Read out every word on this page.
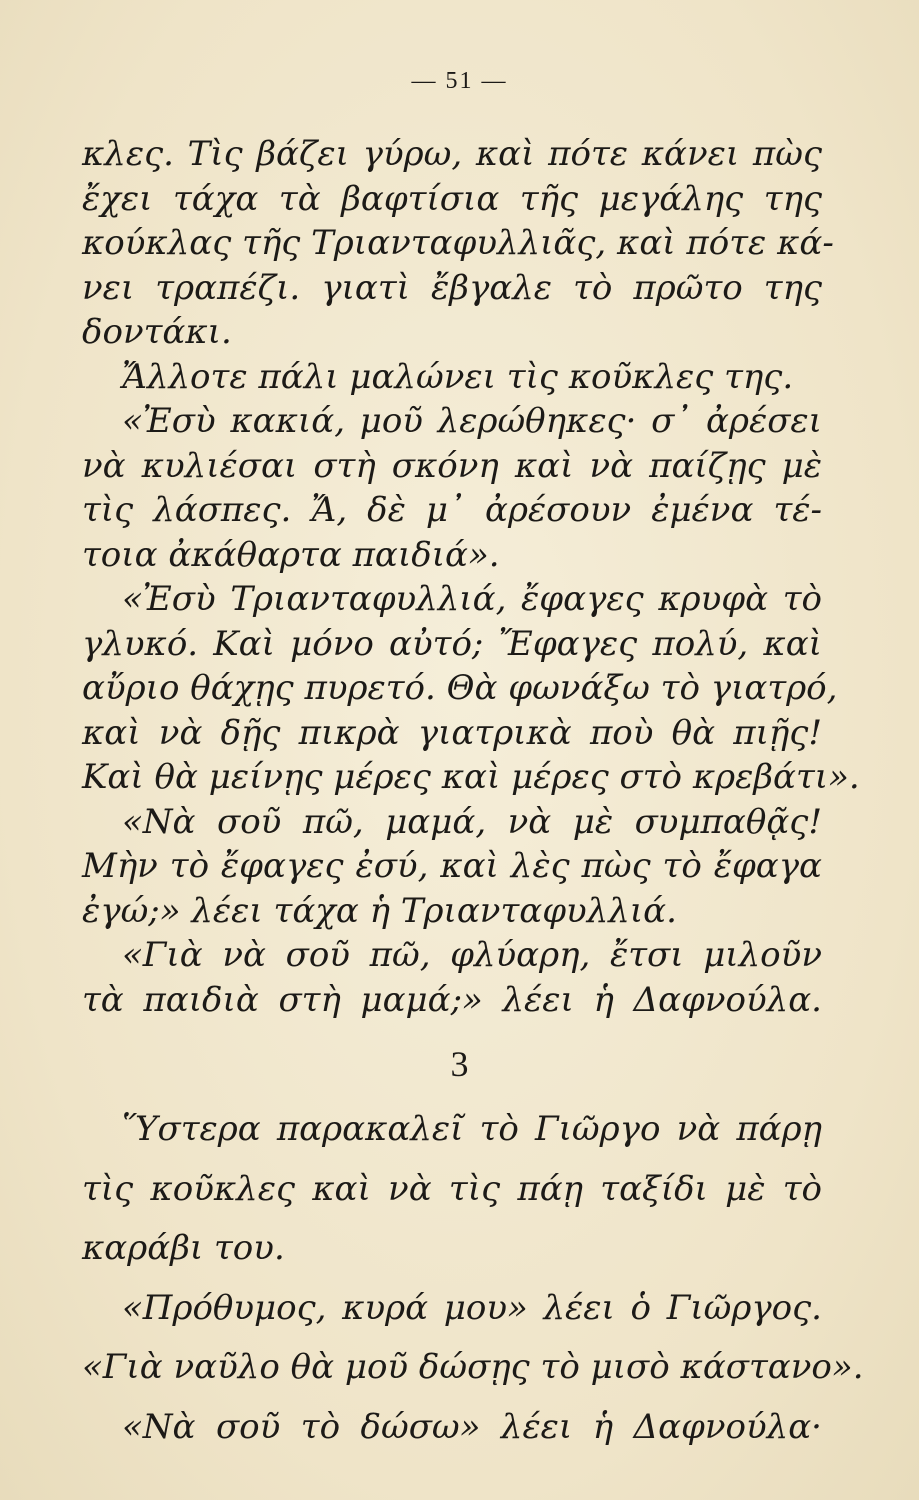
— 51 —
κλες. Τὶς βάζει γύρω, καὶ πότε κάνει πὼς
ἔχει τάχα τὰ βαφτίσια τῆς μεγάλης της
κούκλας τῆς Τριανταφυλλιᾶς, καὶ πότε κά-
νει τραπέζι. γιατὶ ἔβγαλε τὸ πρῶτο της
δοντάκι.
Ἄλλοτε πάλι μαλώνει τὶς κοῦκλες της.
«Ἐσὺ κακιά, μοῦ λερώθηκες· σ᾽ ἀρέσει
νὰ κυλιέσαι στὴ σκόνη καὶ νὰ παίζῃς μὲ
τὶς λάσπες. Ἄ, δὲ μ᾽ ἀρέσουν ἐμένα τέ-
τοια ἀκάθαρτα παιδιά».
«Ἐσὺ Τριανταφυλλιά, ἔφαγες κρυφὰ τὸ
γλυκό. Καὶ μόνο αὐτό; Ἔφαγες πολύ, καὶ
αὔριο θάχῃς πυρετό. Θὰ φωνάξω τὸ γιατρό,
καὶ νὰ δῇς πικρὰ γιατρικὰ ποὺ θὰ πιῇς!
Καὶ θὰ μείνῃς μέρες καὶ μέρες στὸ κρεβάτι».
«Νὰ σοῦ πῶ, μαμά, νὰ μὲ συμπαθᾷς!
Μὴν τὸ ἔφαγες ἐσύ, καὶ λὲς πὼς τὸ ἔφαγα
ἐγώ;» λέει τάχα ἡ Τριανταφυλλιά.
«Γιὰ νὰ σοῦ πῶ, φλύαρη, ἔτσι μιλοῦν
τὰ παιδιὰ στὴ μαμά;» λέει ἡ Δαφνούλα.
3
Ὕστερα παρακαλεῖ τὸ Γιῶργο νὰ πάρῃ
τὶς κοῦκλες καὶ νὰ τὶς πάῃ ταξίδι μὲ τὸ
καράβι του.
«Πρόθυμος, κυρά μου» λέει ὁ Γιῶργος.
«Γιὰ ναῦλο θὰ μοῦ δώσῃς τὸ μισὸ κάστανο».
«Νὰ σοῦ τὸ δώσω» λέει ἡ Δαφνούλα·
